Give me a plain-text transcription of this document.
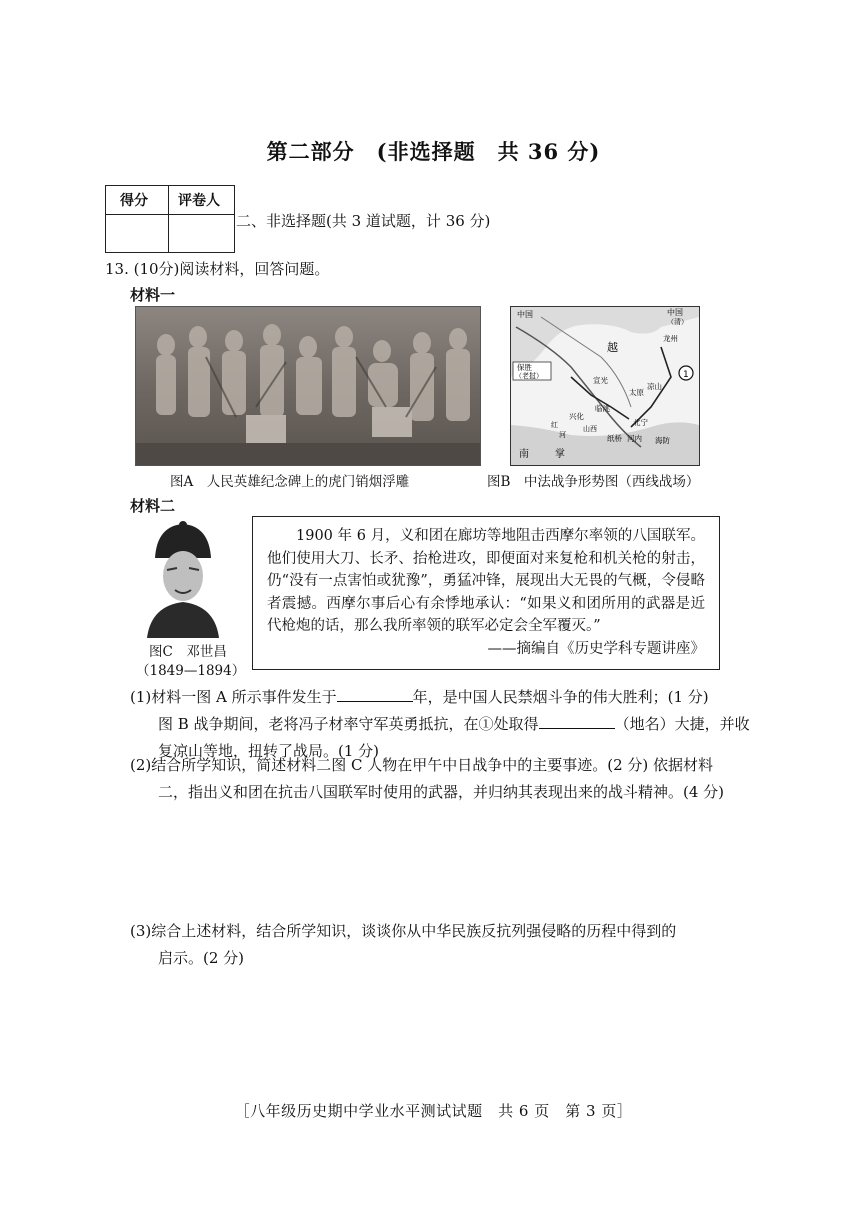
第二部分　(非选择题　共 36 分)
得分 评卷人
二、非选择题(共 3 道试题，计 36 分)
13. (10分)阅读材料，回答问题。
材料一
图A　人民英雄纪念碑上的虎门销烟浮雕
中国	中国
（清）
保胜
（老挝）
越
宣光
太原
龙州
凉山
兴化
临洮
山西
北宁
纸桥 河内 海防
红
河
南	掌
1
图B　中法战争形势图（西线战场）
材料二
图C　邓世昌
（1849—1894）

1900 年 6 月，义和团在廊坊等地阻击西摩尔率领的八国联军。他们使用大刀、长矛、抬枪进攻，即便面对来复枪和机关枪的射击，仍“没有一点害怕或犹豫”，勇猛冲锋，展现出大无畏的气概，令侵略者震撼。西摩尔事后心有余悸地承认：“如果义和团所用的武器是近代枪炮的话，那么我所率领的联军必定会全军覆灭。”

——摘编自《历史学科专题讲座》

(1)材料一图 A 所示事件发生于	年，是中国人民禁烟斗争的伟大胜利；(1 分)
图 B 战争期间，老将冯子材率守军英勇抵抗，在①处取得	（地名）大捷，并收
复凉山等地，扭转了战局。(1 分)
(2)结合所学知识，简述材料二图 C 人物在甲午中日战争中的主要事迹。(2 分) 依据材料
二，指出义和团在抗击八国联军时使用的武器，并归纳其表现出来的战斗精神。(4 分)
(3)综合上述材料，结合所学知识，谈谈你从中华民族反抗列强侵略的历程中得到的
启示。(2 分)
［八年级历史期中学业水平测试试题　共 6 页　第 3 页］
